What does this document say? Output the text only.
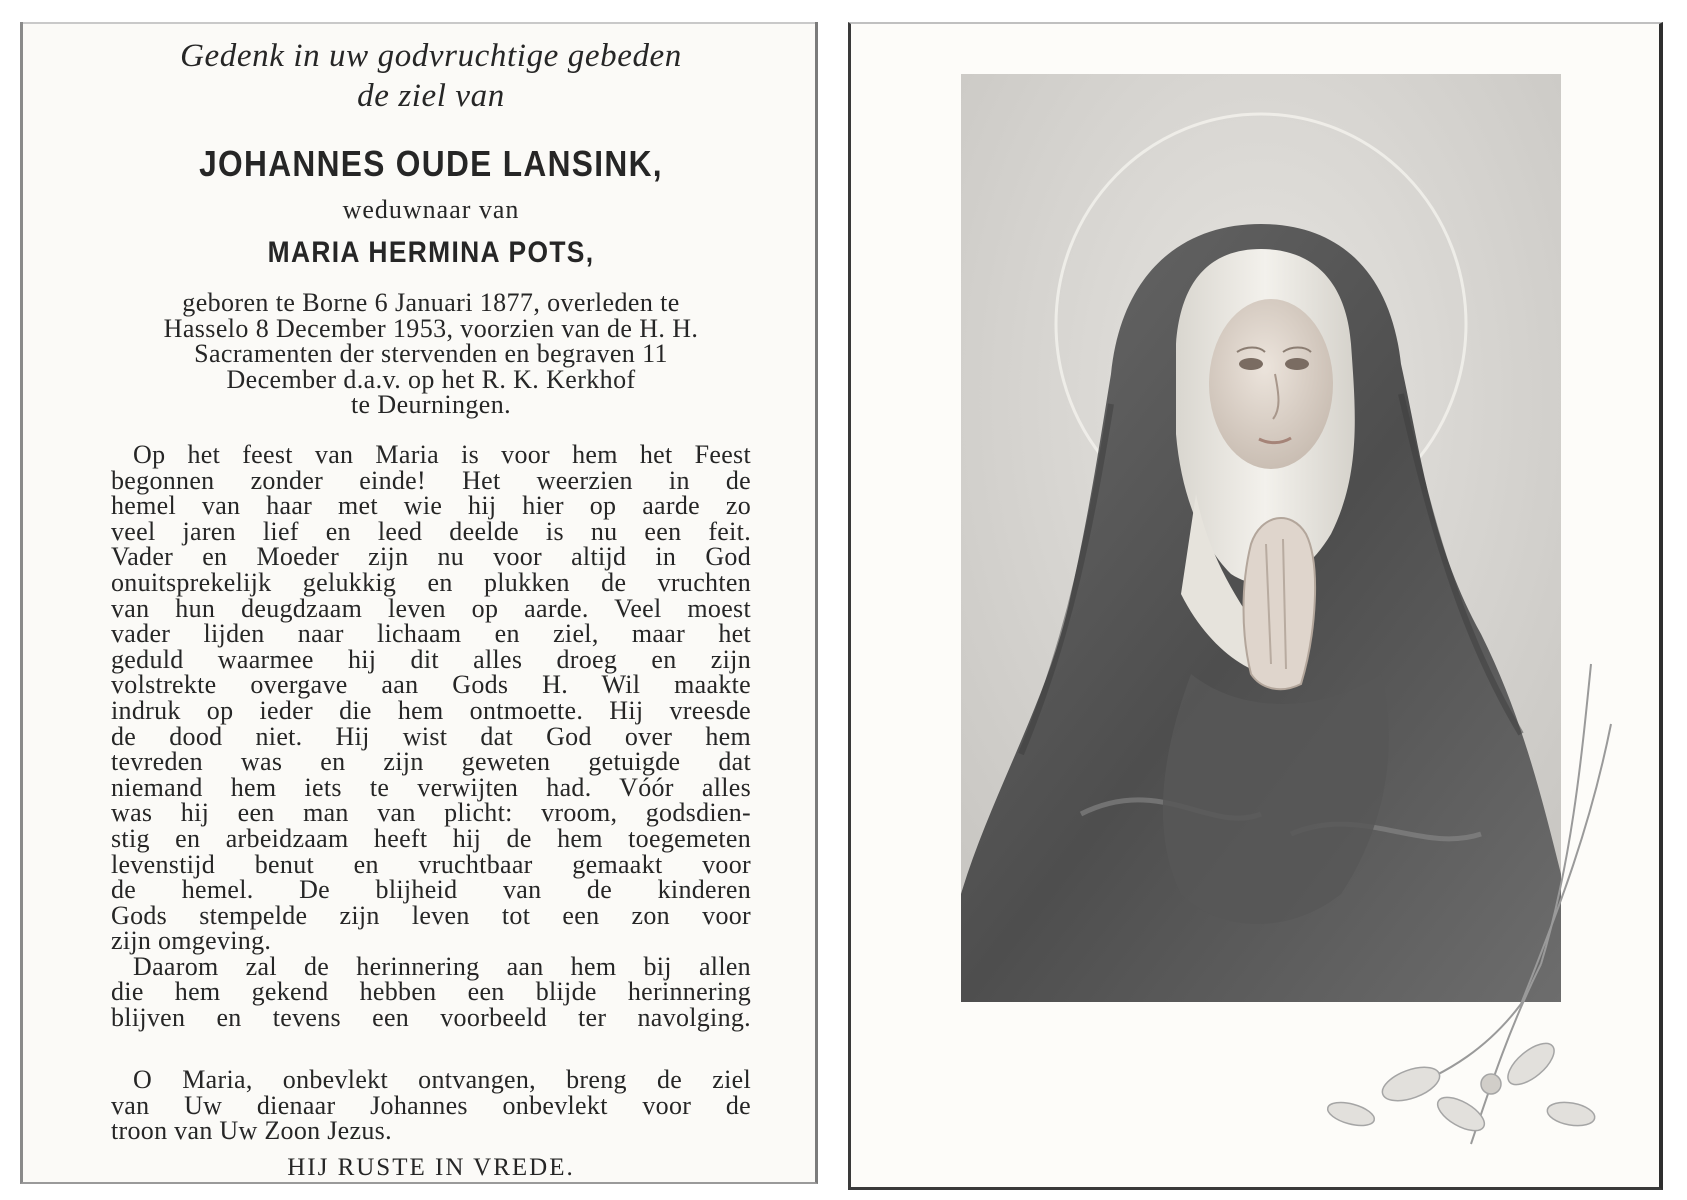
Gedenk in uw godvruchtige gebeden
de ziel van
JOHANNES OUDE LANSINK,
weduwnaar van
MARIA HERMINA POTS,
geboren te Borne 6 Januari 1877, overleden te
Hasselo 8 December 1953, voorzien van de H. H.
Sacramenten der stervenden en begraven 11
December d.a.v. op het R. K. Kerkhof
te Deurningen.
Op het feest van Maria is voor hem het Feest
begonnen zonder einde! Het weerzien in de
hemel van haar met wie hij hier op aarde zo
veel jaren lief en leed deelde is nu een feit.
Vader en Moeder zijn nu voor altijd in God
onuitsprekelijk gelukkig en plukken de vruchten
van hun deugdzaam leven op aarde. Veel moest
vader lijden naar lichaam en ziel, maar het
geduld waarmee hij dit alles droeg en zijn
volstrekte overgave aan Gods H. Wil maakte
indruk op ieder die hem ontmoette. Hij vreesde
de dood niet. Hij wist dat God over hem
tevreden was en zijn geweten getuigde dat
niemand hem iets te verwijten had. Vóór alles
was hij een man van plicht: vroom, godsdien-
stig en arbeidzaam heeft hij de hem toegemeten
levenstijd benut en vruchtbaar gemaakt voor
de hemel. De blijheid van de kinderen
Gods stempelde zijn leven tot een zon voor
zijn omgeving.
Daarom zal de herinnering aan hem bij allen
die hem gekend hebben een blijde herinnering
blijven en tevens een voorbeeld ter navolging.
O Maria, onbevlekt ontvangen, breng de ziel
van Uw dienaar Johannes onbevlekt voor de
troon van Uw Zoon Jezus.
HIJ RUSTE IN VREDE.
